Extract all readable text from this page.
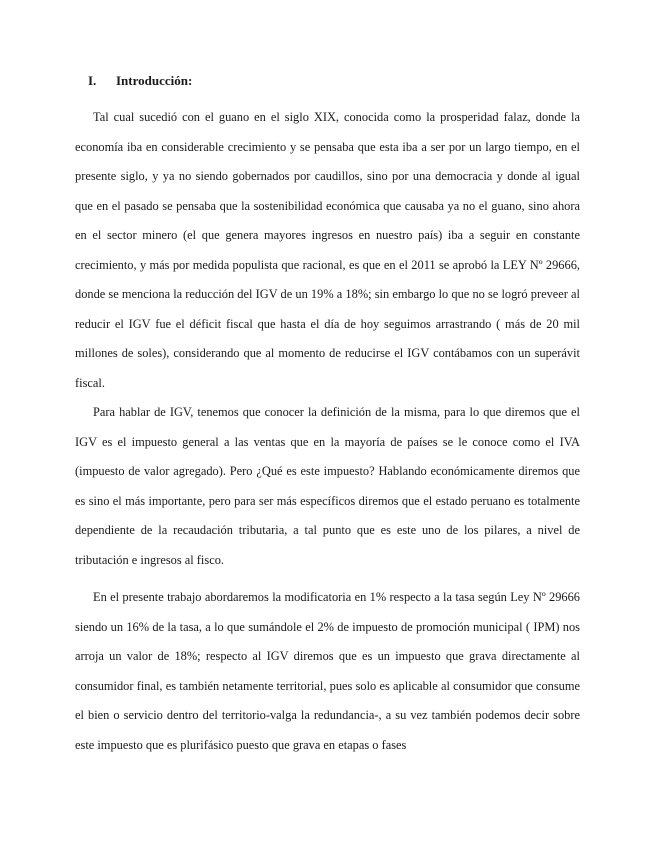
I. Introducción:

Tal cual sucedió con el guano en el siglo XIX, conocida como la prosperidad falaz, donde la economía iba en considerable crecimiento y se pensaba que esta iba a ser por un largo tiempo, en el presente siglo, y ya no siendo gobernados por caudillos, sino por una democracia y donde al igual que en el pasado se pensaba que la sostenibilidad económica que causaba ya no el guano, sino ahora en el sector minero (el que genera mayores ingresos en nuestro país) iba a seguir en constante crecimiento, y más por medida populista que racional, es que en el 2011 se aprobó la LEY Nº 29666, donde se menciona la reducción del IGV de un 19% a 18%; sin embargo lo que no se logró preveer al reducir el IGV fue el déficit fiscal que hasta el día de hoy seguimos arrastrando ( más de 20 mil millones de soles), considerando que al momento de reducirse el IGV contábamos con un superávit fiscal.

Para hablar de IGV, tenemos que conocer la definición de la misma, para lo que diremos que el IGV es el impuesto general a las ventas que en la mayoría de países se le conoce como el IVA (impuesto de valor agregado). Pero ¿Qué es este impuesto? Hablando económicamente diremos que es sino el más importante, pero para ser más específicos diremos que el estado peruano es totalmente dependiente de la recaudación tributaria, a tal punto que es este uno de los pilares, a nivel de tributación e ingresos al fisco.

En el presente trabajo abordaremos la modificatoria en 1% respecto a la tasa según Ley Nº 29666 siendo un 16% de la tasa, a lo que sumándole el 2% de impuesto de promoción municipal ( IPM) nos arroja un valor de 18%; respecto al IGV diremos que es un impuesto que grava directamente al consumidor final, es también netamente territorial, pues solo es aplicable al consumidor que consume el bien o servicio dentro del territorio-valga la redundancia-, a su vez también podemos decir sobre este impuesto que es plurifásico puesto que grava en etapas o fases
